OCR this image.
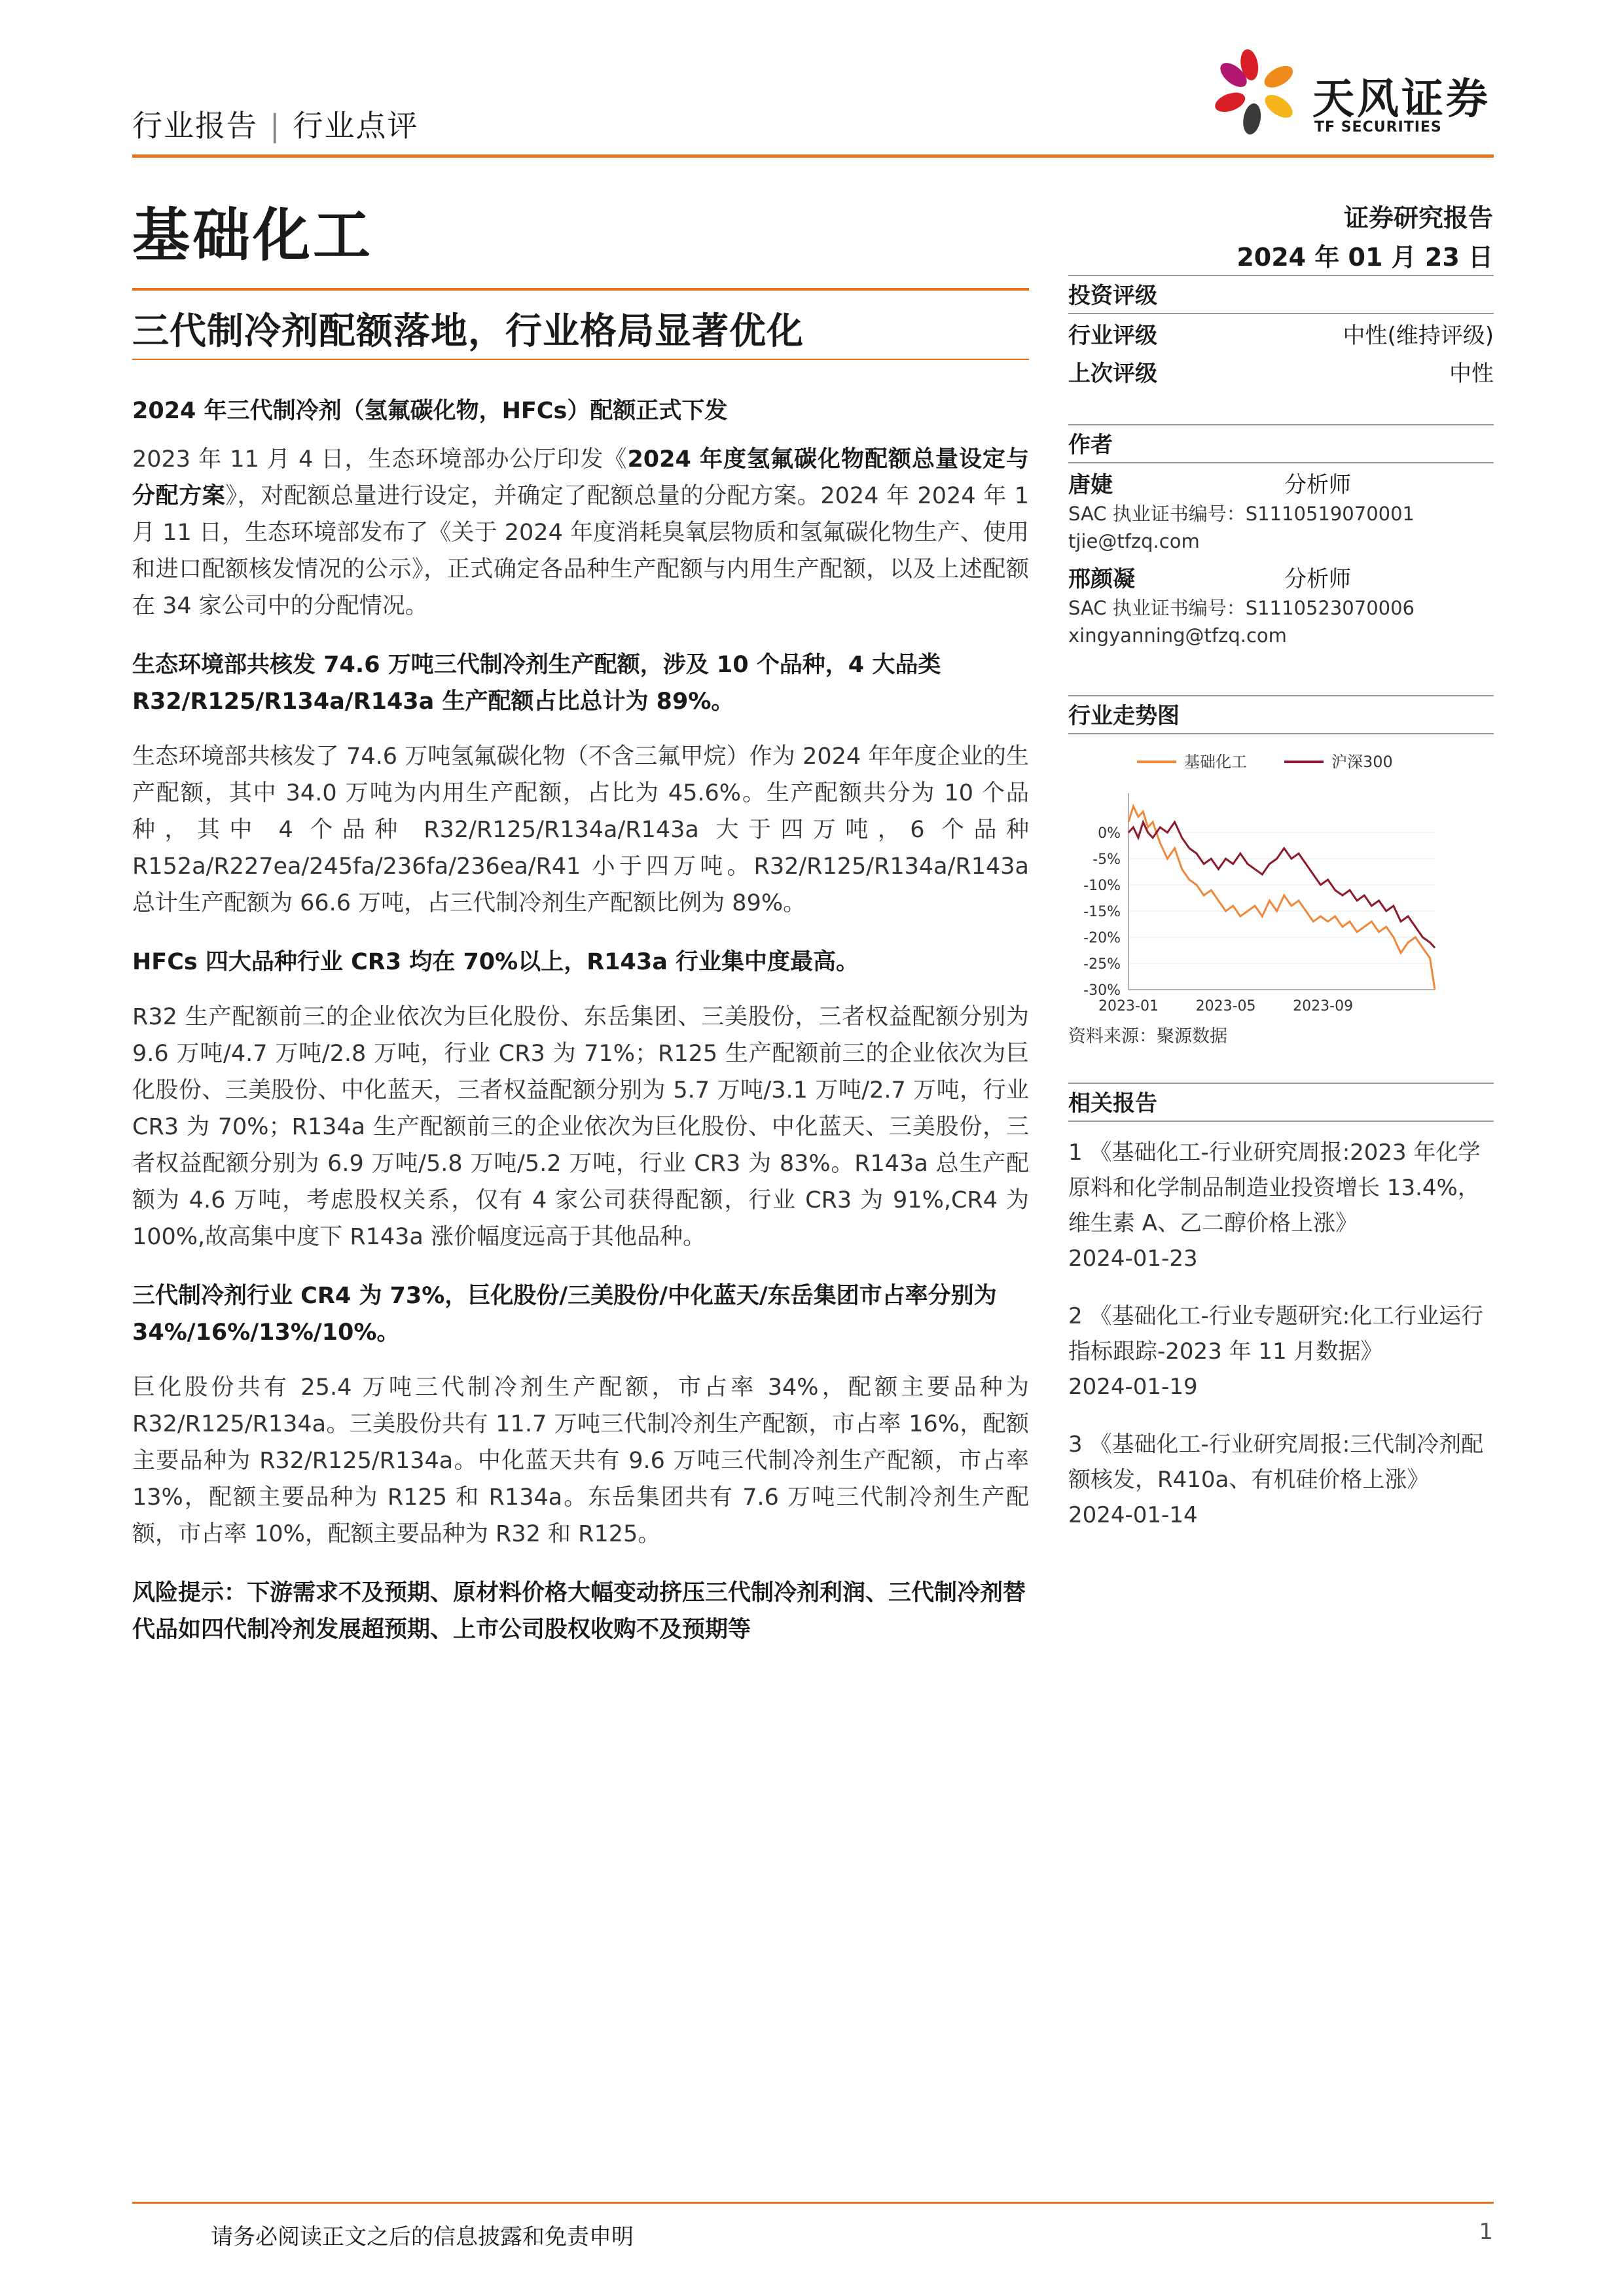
行业报告 | 行业点评
天风证券
TF SECURITIES
基础化工	证券研究报告
2024 年 01 月 23 日
三代制冷剂配额落地，行业格局显著优化
2024 年三代制冷剂（氢氟碳化物，HFCs）配额正式下发
2023 年 11 月 4 日，生态环境部办公厅印发《2024 年度氢氟碳化物配额总量设定与分配方案》，对配额总量进行设定，并确定了配额总量的分配方案。2024 年 2024 年 1 月 11 日，生态环境部发布了《关于 2024 年度消耗臭氧层物质和氢氟碳化物生产、使用和进口配额核发情况的公示》，正式确定各品种生产配额与内用生产配额，以及上述配额在 34 家公司中的分配情况。
生态环境部共核发 74.6 万吨三代制冷剂生产配额，涉及 10 个品种，4 大品类 R32/R125/R134a/R143a 生产配额占比总计为 89%。
生态环境部共核发了 74.6 万吨氢氟碳化物（不含三氟甲烷）作为 2024 年年度企业的生产配额，其中 34.0 万吨为内用生产配额，占比为 45.6%。生产配额共分为 10 个品种，其中 4 个品种 R32/R125/R134a/R143a 大于四万吨，6 个品种 R152a/R227ea/245fa/236fa/236ea/R41 小于四万吨。R32/R125/R134a/R143a 总计生产配额为 66.6 万吨，占三代制冷剂生产配额比例为 89%。
HFCs 四大品种行业 CR3 均在 70%以上，R143a 行业集中度最高。
R32 生产配额前三的企业依次为巨化股份、东岳集团、三美股份，三者权益配额分别为 9.6 万吨/4.7 万吨/2.8 万吨，行业 CR3 为 71%；R125 生产配额前三的企业依次为巨化股份、三美股份、中化蓝天，三者权益配额分别为 5.7 万吨/3.1 万吨/2.7 万吨，行业 CR3 为 70%；R134a 生产配额前三的企业依次为巨化股份、中化蓝天、三美股份，三者权益配额分别为 6.9 万吨/5.8 万吨/5.2 万吨，行业 CR3 为 83%。R143a 总生产配额为 4.6 万吨，考虑股权关系，仅有 4 家公司获得配额，行业 CR3 为 91%,CR4 为 100%,故高集中度下 R143a 涨价幅度远高于其他品种。
三代制冷剂行业 CR4 为 73%，巨化股份/三美股份/中化蓝天/东岳集团市占率分别为 34%/16%/13%/10%。
巨化股份共有 25.4 万吨三代制冷剂生产配额，市占率 34%，配额主要品种为 R32/R125/R134a。三美股份共有 11.7 万吨三代制冷剂生产配额，市占率 16%，配额主要品种为 R32/R125/R134a。中化蓝天共有 9.6 万吨三代制冷剂生产配额，市占率 13%，配额主要品种为 R125 和 R134a。东岳集团共有 7.6 万吨三代制冷剂生产配额，市占率 10%，配额主要品种为 R32 和 R125。
风险提示：下游需求不及预期、原材料价格大幅变动挤压三代制冷剂利润、三代制冷剂替代品如四代制冷剂发展超预期、上市公司股权收购不及预期等
投资评级
行业评级	中性(维持评级)
上次评级	中性
作者
唐婕	分析师
SAC 执业证书编号：S1110519070001
tjie@tfzq.com
邢颜凝	分析师
SAC 执业证书编号：S1110523070006
xingyanning@tfzq.com
行业走势图
0%
-5%
-10%
-15%
-20%
-25%
-30%
2023-01	2023-05	2023-09
基础化工	沪深300
资料来源：聚源数据
相关报告
1 《基础化工-行业研究周报:2023 年化学原料和化学制品制造业投资增长 13.4%，维生素 A、乙二醇价格上涨》
2024-01-23
2 《基础化工-行业专题研究:化工行业运行指标跟踪-2023 年 11 月数据》
2024-01-19
3 《基础化工-行业研究周报:三代制冷剂配额核发，R410a、有机硅价格上涨》
2024-01-14
请务必阅读正文之后的信息披露和免责申明	1
